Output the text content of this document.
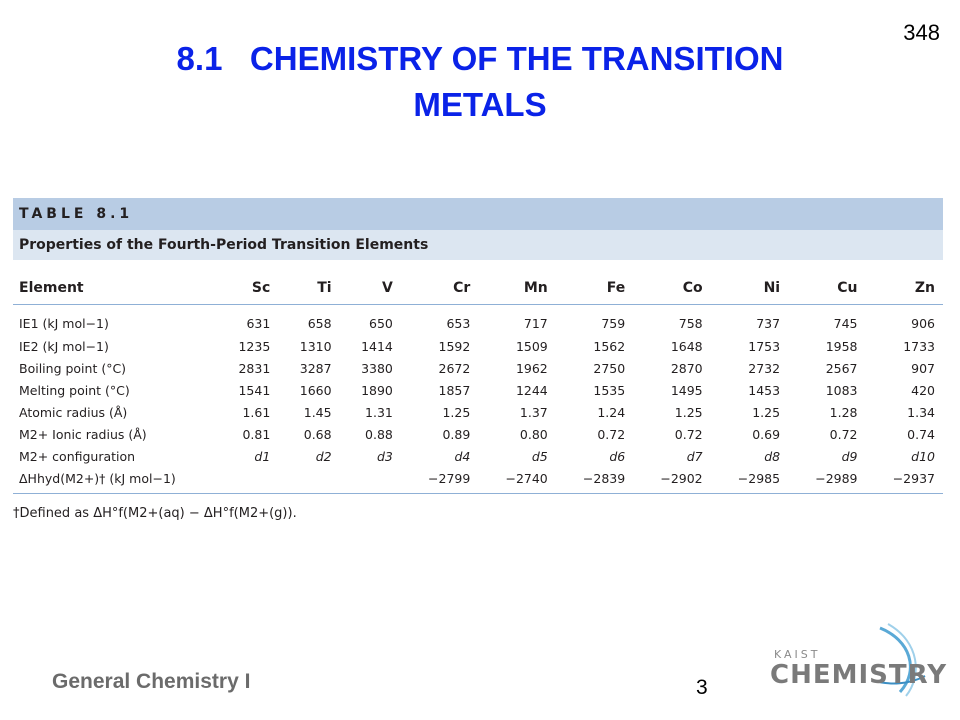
348
8.1   CHEMISTRY OF THE TRANSITION
METALS
TABLE 8.1
Properties of the Fourth-Period Transition Elements
Element	Sc	Ti	V	Cr	Mn	Fe	Co	Ni	Cu	Zn
IE1 (kJ mol−1)	631	658	650	653	717	759	758	737	745	906
IE2 (kJ mol−1)	1235	1310	1414	1592	1509	1562	1648	1753	1958	1733
Boiling point (°C)	2831	3287	3380	2672	1962	2750	2870	2732	2567	907
Melting point (°C)	1541	1660	1890	1857	1244	1535	1495	1453	1083	420
Atomic radius (Å)	1.61	1.45	1.31	1.25	1.37	1.24	1.25	1.25	1.28	1.34
M2+ Ionic radius (Å)	0.81	0.68	0.88	0.89	0.80	0.72	0.72	0.69	0.72	0.74
M2+ configuration	d1	d2	d3	d4	d5	d6	d7	d8	d9	d10
ΔHhyd(M2+)† (kJ mol−1)				−2799	−2740	−2839	−2902	−2985	−2989	−2937
†Defined as ΔH°f(M2+(aq) − ΔH°f(M2+(g)).
General Chemistry I	3
KAIST
CHEMISTRY
